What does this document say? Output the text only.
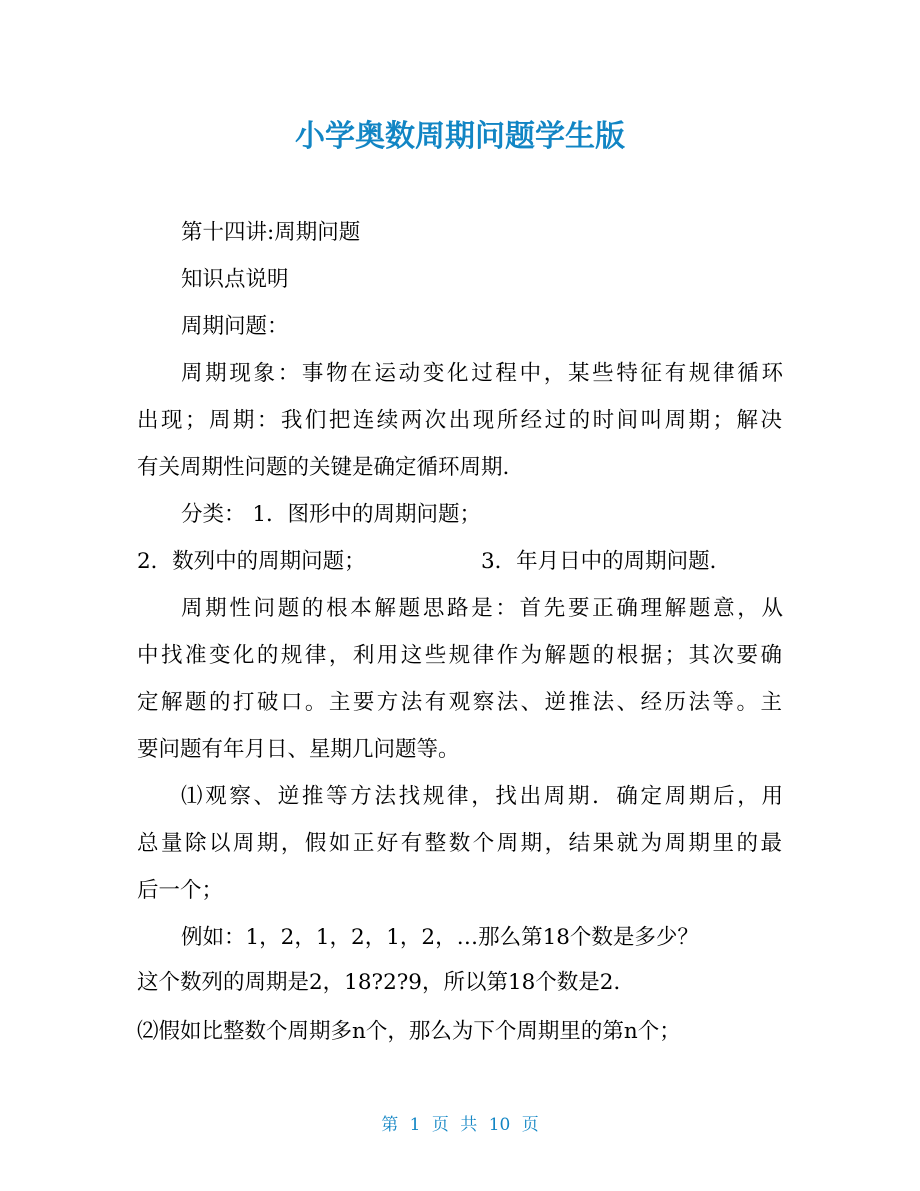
小学奥数周期问题学生版

第十四讲:周期问题

知识点说明

周期问题：

周期现象：事物在运动变化过程中，某些特征有规律循环

出现；周期：我们把连续两次出现所经过的时间叫周期；解决

有关周期性问题的关键是确定循环周期.

分类： 1．图形中的周期问题；

2．数列中的周期问题；	3．年月日中的周期问题．

周期性问题的根本解题思路是：首先要正确理解题意，从

中找准变化的规律，利用这些规律作为解题的根据；其次要确

定解题的打破口。主要方法有观察法、逆推法、经历法等。主

要问题有年月日、星期几问题等。

⑴观察、逆推等方法找规律，找出周期．确定周期后，用

总量除以周期，假如正好有整数个周期，结果就为周期里的最

后一个；

例如：1，2，1，2，1，2，…那么第18个数是多少？

这个数列的周期是2，18?2?9，所以第18个数是2．

⑵假如比整数个周期多n个，那么为下个周期里的第n个；

第 1 页 共 10 页
